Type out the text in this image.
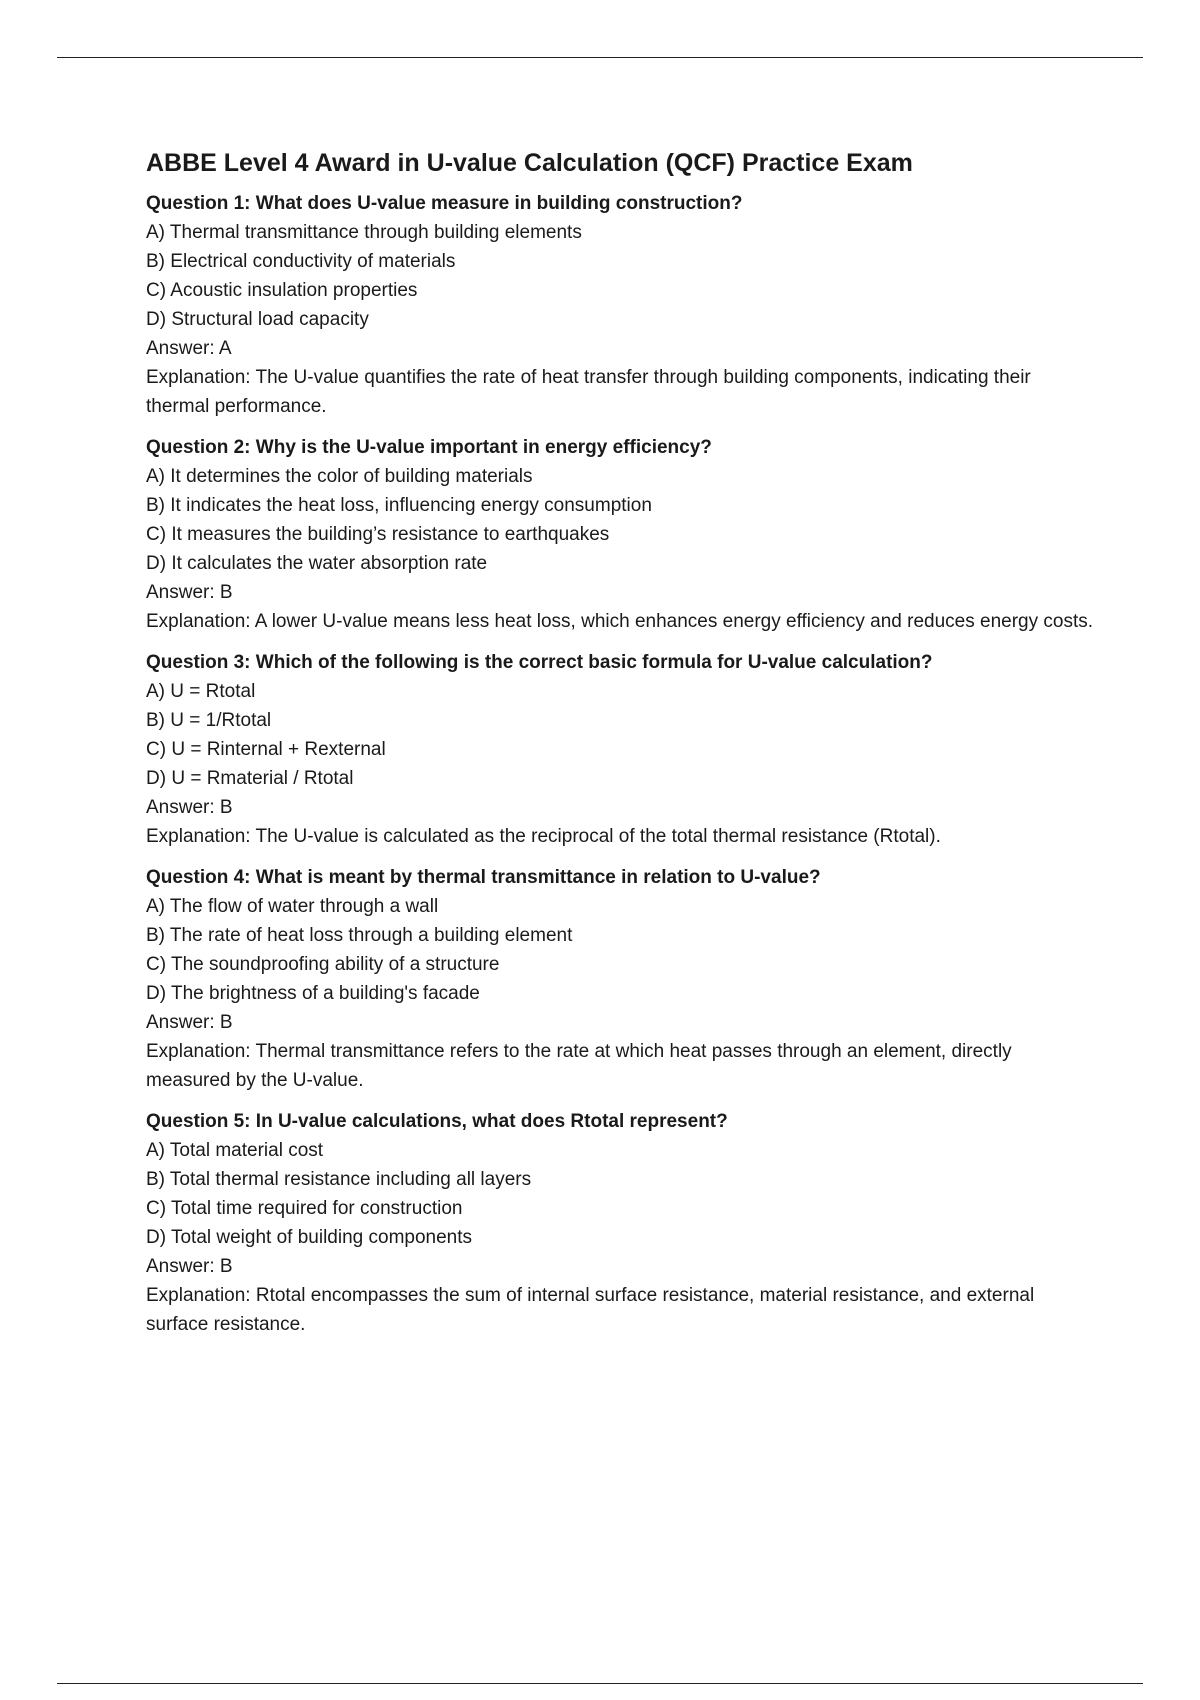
ABBE Level 4 Award in U-value Calculation (QCF) Practice Exam
Question 1: What does U-value measure in building construction?
A) Thermal transmittance through building elements
B) Electrical conductivity of materials
C) Acoustic insulation properties
D) Structural load capacity
Answer: A
Explanation: The U-value quantifies the rate of heat transfer through building components, indicating their thermal performance.
Question 2: Why is the U-value important in energy efficiency?
A) It determines the color of building materials
B) It indicates the heat loss, influencing energy consumption
C) It measures the building’s resistance to earthquakes
D) It calculates the water absorption rate
Answer: B
Explanation: A lower U-value means less heat loss, which enhances energy efficiency and reduces energy costs.
Question 3: Which of the following is the correct basic formula for U-value calculation?
A) U = Rtotal
B) U = 1/Rtotal
C) U = Rinternal + Rexternal
D) U = Rmaterial / Rtotal
Answer: B
Explanation: The U-value is calculated as the reciprocal of the total thermal resistance (Rtotal).
Question 4: What is meant by thermal transmittance in relation to U-value?
A) The flow of water through a wall
B) The rate of heat loss through a building element
C) The soundproofing ability of a structure
D) The brightness of a building's facade
Answer: B
Explanation: Thermal transmittance refers to the rate at which heat passes through an element, directly measured by the U-value.
Question 5: In U-value calculations, what does Rtotal represent?
A) Total material cost
B) Total thermal resistance including all layers
C) Total time required for construction
D) Total weight of building components
Answer: B
Explanation: Rtotal encompasses the sum of internal surface resistance, material resistance, and external surface resistance.
